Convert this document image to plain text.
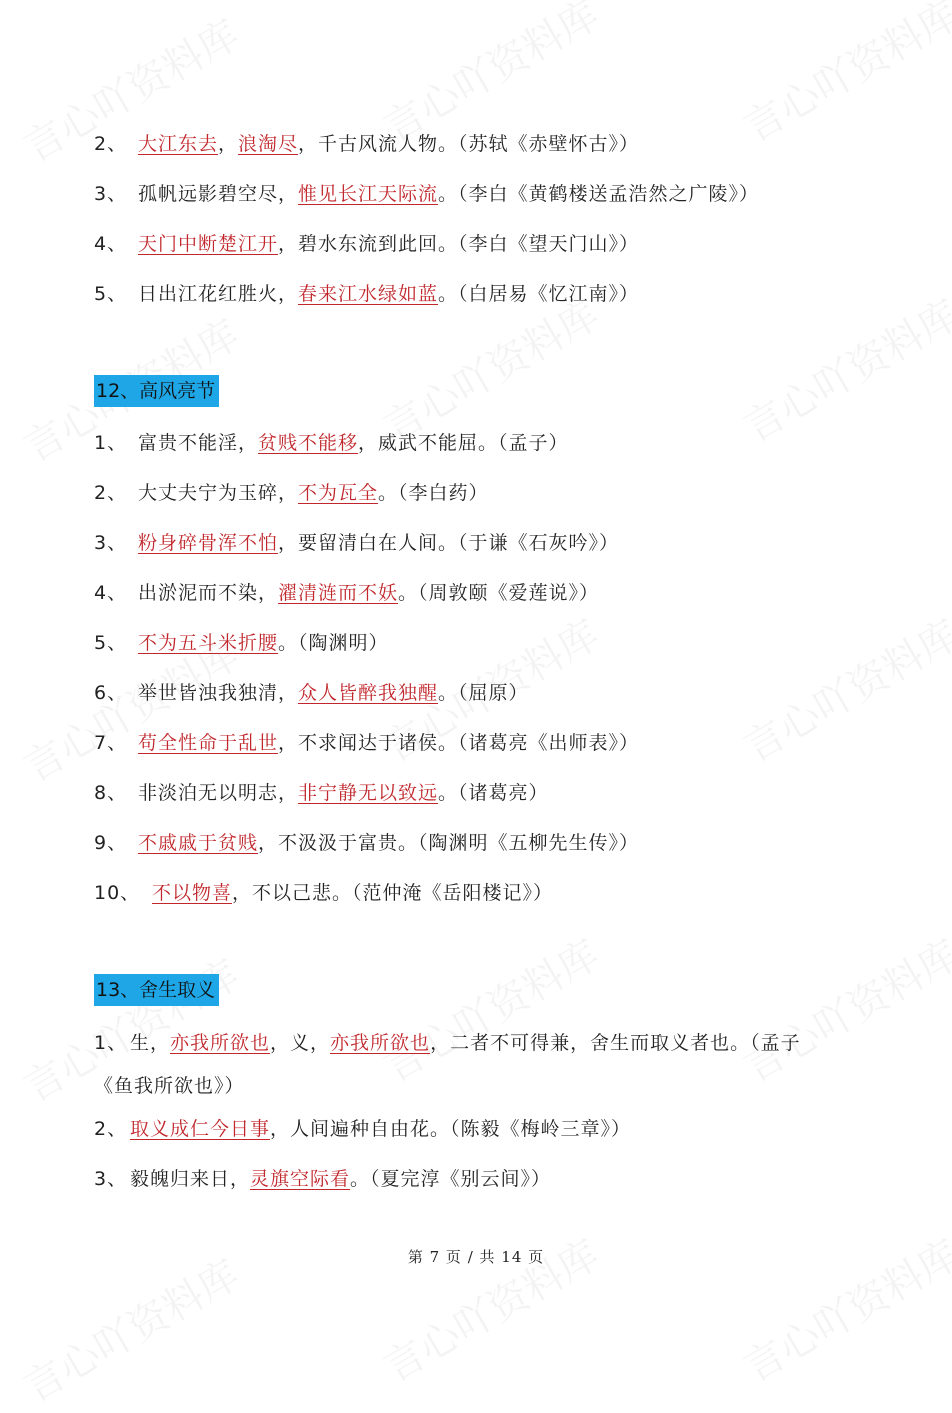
2、 大江东去，浪淘尽，千古风流人物。（苏轼《赤壁怀古》）
3、 孤帆远影碧空尽，惟见长江天际流。（李白《黄鹤楼送孟浩然之广陵》）
4、 天门中断楚江开，碧水东流到此回。（李白《望天门山》）
5、 日出江花红胜火，春来江水绿如蓝。（白居易《忆江南》）
12、高风亮节
1、 富贵不能淫，贫贱不能移，威武不能屈。（孟子）
2、 大丈夫宁为玉碎，不为瓦全。（李白药）
3、 粉身碎骨浑不怕，要留清白在人间。（于谦《石灰吟》）
4、 出淤泥而不染，濯清涟而不妖。（周敦颐《爱莲说》）
5、 不为五斗米折腰。（陶渊明）
6、 举世皆浊我独清，众人皆醉我独醒。（屈原）
7、 苟全性命于乱世，不求闻达于诸侯。（诸葛亮《出师表》）
8、 非淡泊无以明志，非宁静无以致远。（诸葛亮）
9、 不戚戚于贫贱，不汲汲于富贵。（陶渊明《五柳先生传》）
10、 不以物喜，不以己悲。（范仲淹《岳阳楼记》）
13、舍生取义
1、 生，亦我所欲也，义，亦我所欲也，二者不可得兼，舍生而取义者也。（孟子
《鱼我所欲也》）
2、 取义成仁今日事，人间遍种自由花。（陈毅《梅岭三章》）
3、 毅魄归来日，灵旗空际看。（夏完淳《别云间》）
第 7 页 / 共 14 页
